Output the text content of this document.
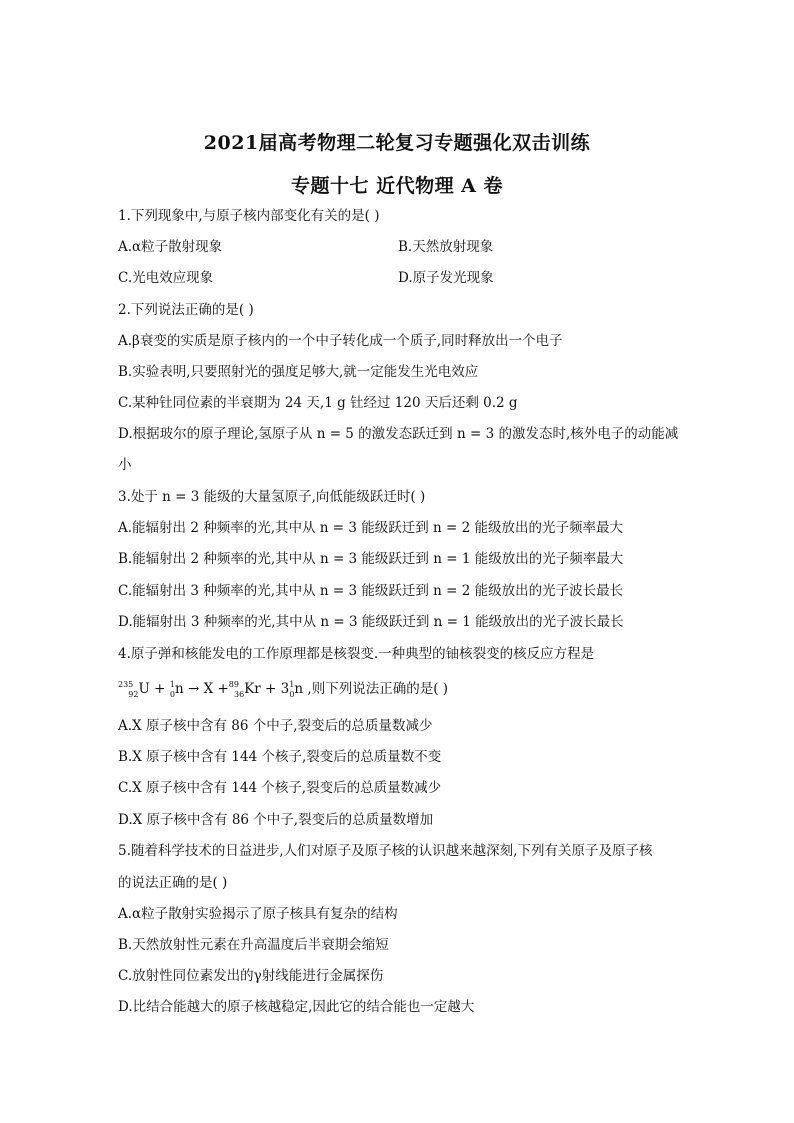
2021届高考物理二轮复习专题强化双击训练
专题十七 近代物理 A 卷
1.下列现象中,与原子核内部变化有关的是( )
A.α粒子散射现象	B.天然放射现象
C.光电效应现象	D.原子发光现象
2.下列说法正确的是( )
A.β衰变的实质是原子核内的一个中子转化成一个质子,同时释放出一个电子
B.实验表明,只要照射光的强度足够大,就一定能发生光电效应
C.某种钍同位素的半衰期为 24 天,1 g 钍经过 120 天后还剩 0.2 g
D.根据玻尔的原子理论,氢原子从 n = 5 的激发态跃迁到 n = 3 的激发态时,核外电子的动能减
小
3.处于 n = 3 能级的大量氢原子,向低能级跃迁时( )
A.能辐射出 2 种频率的光,其中从 n = 3 能级跃迁到 n = 2 能级放出的光子频率最大
B.能辐射出 2 种频率的光,其中从 n = 3 能级跃迁到 n = 1 能级放出的光子频率最大
C.能辐射出 3 种频率的光,其中从 n = 3 能级跃迁到 n = 2 能级放出的光子波长最长
D.能辐射出 3 种频率的光,其中从 n = 3 能级跃迁到 n = 1 能级放出的光子波长最长
4.原子弹和核能发电的工作原理都是核裂变.一种典型的铀核裂变的核反应方程是
$^{235}_{92}U + ^1_0n \to X +^{89}_{36}Kr + 3^1_0n$ ,则下列说法正确的是( )
A.X 原子核中含有 86 个中子,裂变后的总质量数减少
B.X 原子核中含有 144 个核子,裂变后的总质量数不变
C.X 原子核中含有 144 个核子,裂变后的总质量数减少
D.X 原子核中含有 86 个中子,裂变后的总质量数增加
5.随着科学技术的日益进步,人们对原子及原子核的认识越来越深刻,下列有关原子及原子核
的说法正确的是( )
A.α粒子散射实验揭示了原子核具有复杂的结构
B.天然放射性元素在升高温度后半衰期会缩短
C.放射性同位素发出的γ射线能进行金属探伤
D.比结合能越大的原子核越稳定,因此它的结合能也一定越大
